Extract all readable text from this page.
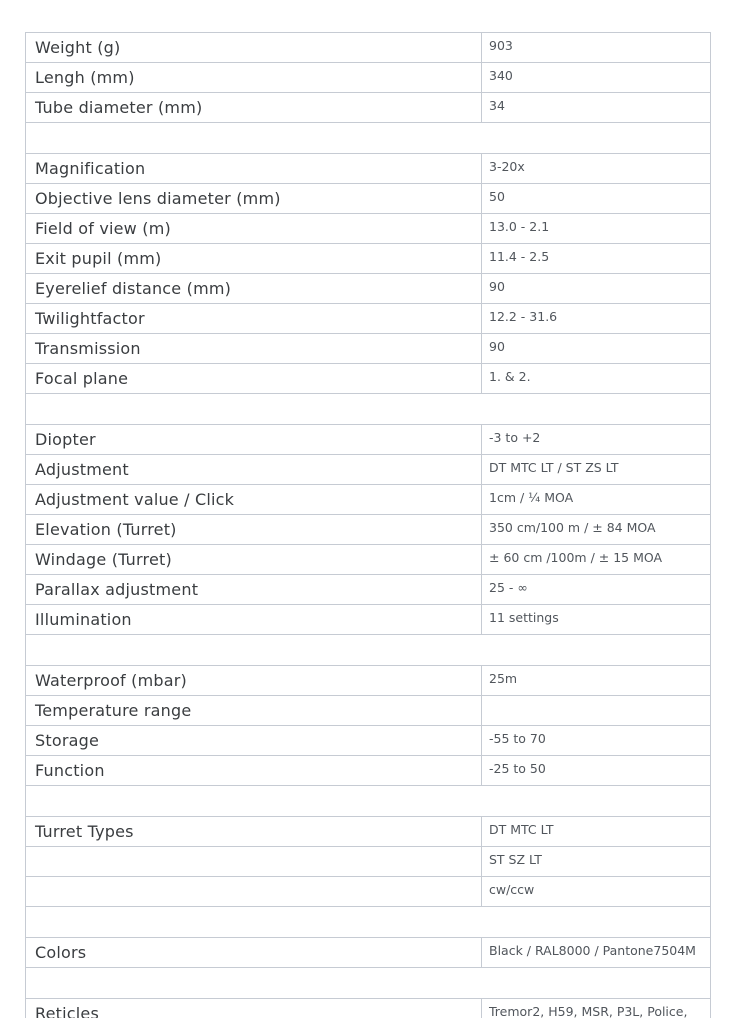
Weight (g)	903
Lengh (mm)	340
Tube diameter (mm)	34

Magnification	3-20x
Objective lens diameter (mm)	50
Field of view (m)	13.0 - 2.1
Exit pupil (mm)	11.4 - 2.5
Eyerelief distance (mm)	90
Twilightfactor	12.2 - 31.6
Transmission	90
Focal plane	1. & 2.

Diopter	-3 to +2
Adjustment	DT MTC LT / ST ZS LT
Adjustment value / Click	1cm / ¼ MOA
Elevation (Turret)	350 cm/100 m / ± 84 MOA
Windage (Turret)	± 60 cm /100m / ± 15 MOA
Parallax adjustment	25 - ∞
Illumination	11 settings

Waterproof (mbar)	25m
Temperature range	
Storage	-55 to 70
Function	-25 to 50

Turret Types	DT MTC LT
	ST SZ LT
	cw/ccw

Colors	Black / RAL8000 / Pantone7504M

Reticles	Tremor2, H59, MSR, P3L, Police,
